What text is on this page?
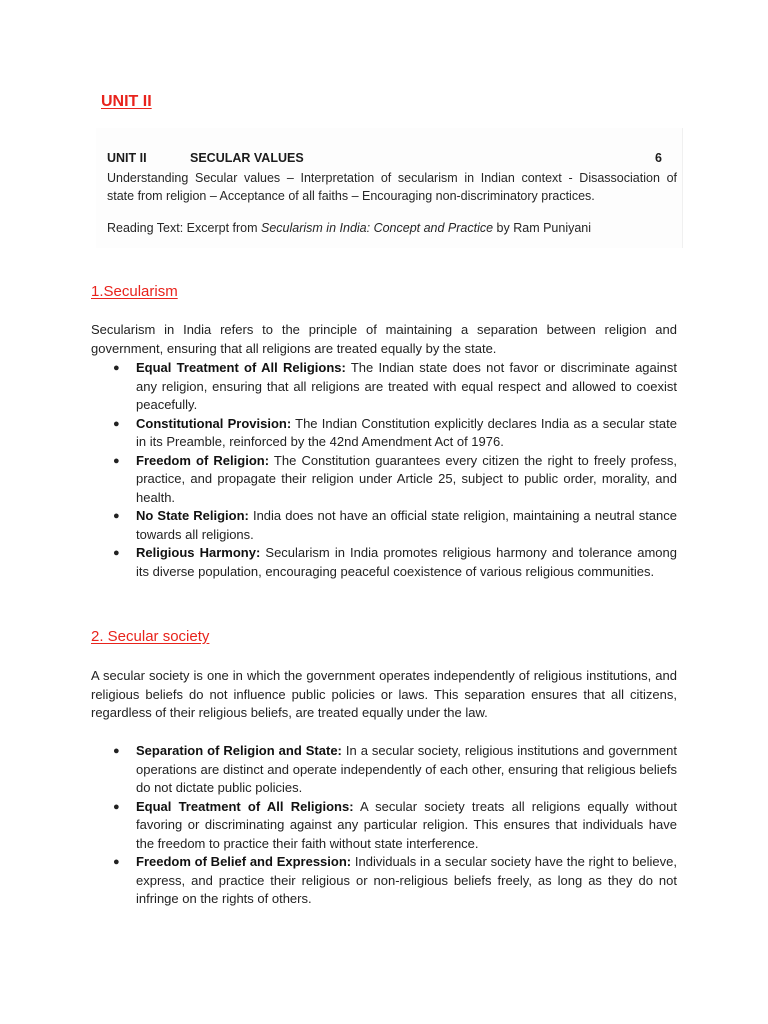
UNIT II
UNIT II	SECULAR VALUES	6
Understanding Secular values – Interpretation of secularism in Indian context - Disassociation of
state from religion – Acceptance of all faiths – Encouraging non-discriminatory practices.
Reading Text: Excerpt from Secularism in India: Concept and Practice by Ram Puniyani
1.Secularism
Secularism in India refers to the principle of maintaining a separation between religion and government, ensuring that all religions are treated equally by the state.
● Equal Treatment of All Religions: The Indian state does not favor or discriminate against any religion, ensuring that all religions are treated with equal respect and allowed to coexist peacefully.
● Constitutional Provision: The Indian Constitution explicitly declares India as a secular state in its Preamble, reinforced by the 42nd Amendment Act of 1976.
● Freedom of Religion: The Constitution guarantees every citizen the right to freely profess, practice, and propagate their religion under Article 25, subject to public order, morality, and health.
● No State Religion: India does not have an official state religion, maintaining a neutral stance towards all religions.
● Religious Harmony: Secularism in India promotes religious harmony and tolerance among its diverse population, encouraging peaceful coexistence of various religious communities.
2. Secular society
A secular society is one in which the government operates independently of religious institutions, and religious beliefs do not influence public policies or laws. This separation ensures that all citizens, regardless of their religious beliefs, are treated equally under the law.
● Separation of Religion and State: In a secular society, religious institutions and government operations are distinct and operate independently of each other, ensuring that religious beliefs do not dictate public policies.
● Equal Treatment of All Religions: A secular society treats all religions equally without favoring or discriminating against any particular religion. This ensures that individuals have the freedom to practice their faith without state interference.
● Freedom of Belief and Expression: Individuals in a secular society have the right to believe, express, and practice their religious or non-religious beliefs freely, as long as they do not infringe on the rights of others.
